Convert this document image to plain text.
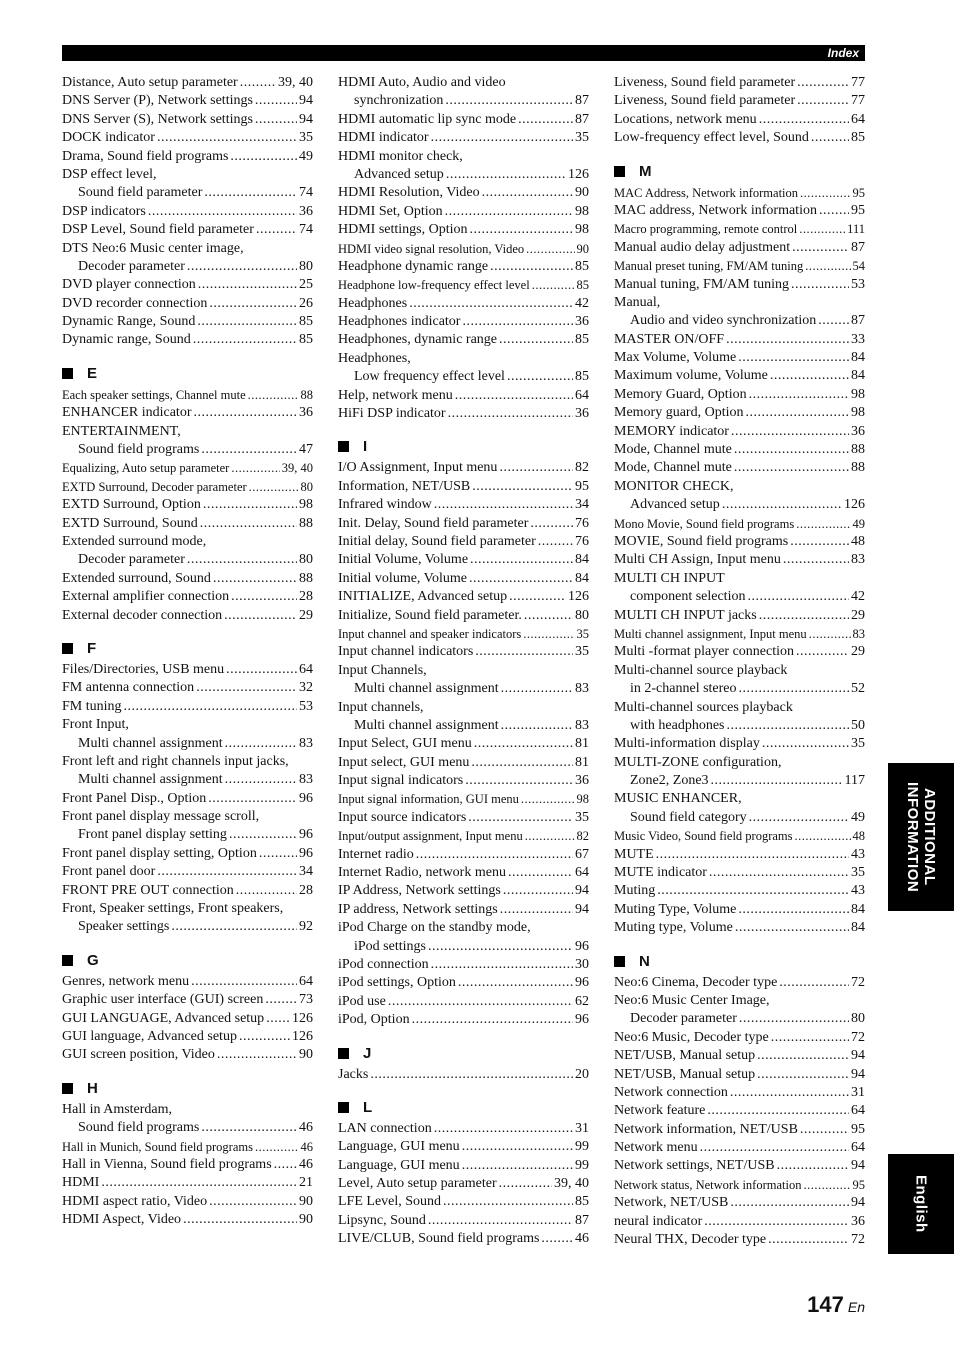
Index
Distance, Auto setup parameter .....	39, 40
DNS Server (P), Network settings .....	94
DNS Server (S), Network settings .....	94
DOCK indicator .....	35
Drama, Sound field programs .....	49
DSP effect level,
Sound field parameter .....	74
DSP indicators .....	36
DSP Level, Sound field parameter .....	74
DTS Neo:6 Music center image,
Decoder parameter .....	80
DVD player connection .....	25
DVD recorder connection .....	26
Dynamic Range, Sound .....	85
Dynamic range, Sound .....	85
E
Each speaker settings, Channel mute .....	88
ENHANCER indicator .....	36
ENTERTAINMENT,
Sound field programs .....	47
Equalizing, Auto setup parameter .....	39, 40
EXTD Surround, Decoder parameter .....	80
EXTD Surround, Option .....	98
EXTD Surround, Sound .....	88
Extended surround mode,
Decoder parameter .....	80
Extended surround, Sound .....	88
External amplifier connection .....	28
External decoder connection .....	29
F
Files/Directories, USB menu .....	64
FM antenna connection .....	32
FM tuning .....	53
Front Input,
Multi channel assignment .....	83
Front left and right channels input jacks,
Multi channel assignment .....	83
Front Panel Disp., Option .....	96
Front panel display message scroll,
Front panel display setting .....	96
Front panel display setting, Option .....	96
Front panel door .....	34
FRONT PRE OUT connection .....	28
Front, Speaker settings, Front speakers,
Speaker settings .....	92
G
Genres, network menu .....	64
Graphic user interface (GUI) screen .....	73
GUI LANGUAGE, Advanced setup ..... 126
GUI language, Advanced setup .....	126
GUI screen position, Video .....	90
H
Hall in Amsterdam,
Sound field programs .....	46
Hall in Munich, Sound field programs .....	46
Hall in Vienna, Sound field programs ..... 46
HDMI .....	21
HDMI aspect ratio, Video .....	90
HDMI Aspect, Video .....	90
HDMI Auto, Audio and video
synchronization .....	87
HDMI automatic lip sync mode .....	87
HDMI indicator .....	35
HDMI monitor check,
Advanced setup .....	126
HDMI Resolution, Video .....	90
HDMI Set, Option .....	98
HDMI settings, Option .....	98
HDMI video signal resolution, Video .....	90
Headphone dynamic range .....	85
Headphone low-frequency effect level .....	85
Headphones .....	42
Headphones indicator .....	36
Headphones, dynamic range .....	85
Headphones,
Low frequency effect level .....	85
Help, network menu .....	64
HiFi DSP indicator .....	36
I
I/O Assignment, Input menu .....	82
Information, NET/USB .....	95
Infrared window .....	34
Init. Delay, Sound field parameter .....	76
Initial delay, Sound field parameter .....	76
Initial Volume, Volume .....	84
Initial volume, Volume .....	84
INITIALIZE, Advanced setup .....	126
Initialize, Sound field parameter. .....	80
Input channel and speaker indicators .....	35
Input channel indicators .....	35
Input Channels,
Multi channel assignment .....	83
Input channels,
Multi channel assignment .....	83
Input Select, GUI menu .....	81
Input select, GUI menu .....	81
Input signal indicators .....	36
Input signal information, GUI menu .....	98
Input source indicators .....	35
Input/output assignment, Input menu .....	82
Internet radio .....	67
Internet Radio, network menu .....	64
IP Address, Network settings .....	94
IP address, Network settings .....	94
iPod Charge on the standby mode,
iPod settings .....	96
iPod connection .....	30
iPod settings, Option .....	96
iPod use .....	62
iPod, Option .....	96
J
Jacks .....	20
L
LAN connection .....	31
Language, GUI menu .....	99
Language, GUI menu .....	99
Level, Auto setup parameter .....	39, 40
LFE Level, Sound .....	85
Lipsync, Sound .....	87
LIVE/CLUB, Sound field programs .....	46
Liveness, Sound field parameter .....	77
Liveness, Sound field parameter .....	77
Locations, network menu .....	64
Low-frequency effect level, Sound .....	85
M
MAC Address, Network information .....	95
MAC address, Network information ..... 95
Macro programming, remote control .....	111
Manual audio delay adjustment .....	87
Manual preset tuning, FM/AM tuning .....	54
Manual tuning, FM/AM tuning .....	53
Manual,
Audio and video synchronization ..... 87
MASTER ON/OFF .....	33
Max Volume, Volume .....	84
Maximum volume, Volume .....	84
Memory Guard, Option .....	98
Memory guard, Option .....	98
MEMORY indicator .....	36
Mode, Channel mute .....	88
Mode, Channel mute .....	88
MONITOR CHECK,
Advanced setup .....	126
Mono Movie, Sound field programs .....	49
MOVIE, Sound field programs .....	48
Multi CH Assign, Input menu .....	83
MULTI CH INPUT
component selection .....	42
MULTI CH INPUT jacks .....	29
Multi channel assignment, Input menu .....	83
Multi -format player connection .....	29
Multi-channel source playback
in 2-channel stereo .....	52
Multi-channel sources playback
with headphones .....	50
Multi-information display .....	35
MULTI-ZONE configuration,
Zone2, Zone3 .....	117
MUSIC ENHANCER,
Sound field category .....	49
Music Video, Sound field programs .....	48
MUTE .....	43
MUTE indicator .....	35
Muting .....	43
Muting Type, Volume .....	84
Muting type, Volume .....	84
N
Neo:6 Cinema, Decoder type .....	72
Neo:6 Music Center Image,
Decoder parameter .....	80
Neo:6 Music, Decoder type .....	72
NET/USB, Manual setup .....	94
NET/USB, Manual setup .....	94
Network connection .....	31
Network feature .....	64
Network information, NET/USB .....	95
Network menu .....	64
Network settings, NET/USB .....	94
Network status, Network information .....	95
Network, NET/USB .....	94
neural indicator .....	36
Neural THX, Decoder type .....	72
ADDITIONAL INFORMATION
English
147 En
